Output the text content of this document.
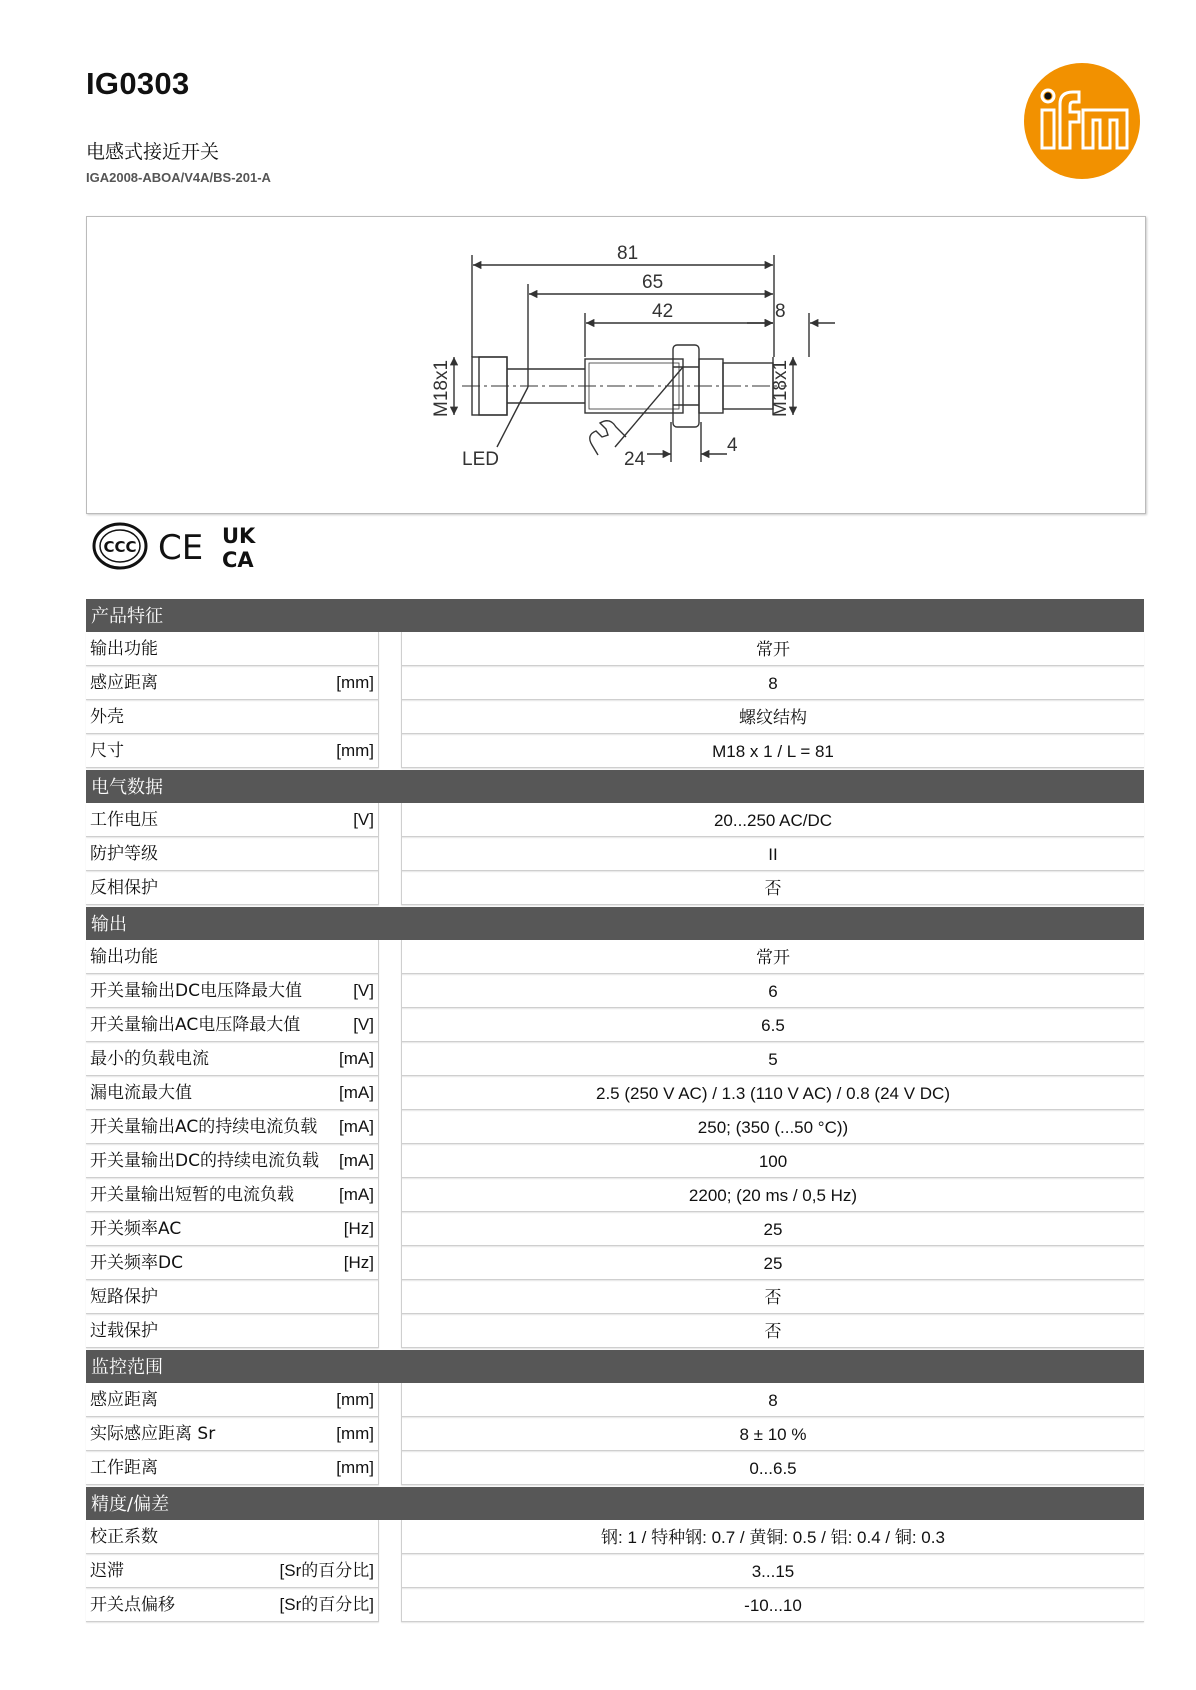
IG0303
电感式接近开关
IGA2008-ABOA/V4A/BS-201-A
81
65
42	8
LED	24
4
M18x1	M18x1
CCC CE UK
CA
产品特征
输出功能	常开
感应距离	[mm]	8
外壳	螺纹结构
尺寸	[mm]	M18 x 1 / L = 81
电气数据
工作电压	[V]	20...250 AC/DC
防护等级	II
反相保护	否
输出
输出功能	常开
开关量输出DC电压降最大值	[V]	6
开关量输出AC电压降最大值	[V]	6.5
最小的负载电流	[mA]	5
漏电流最大值	[mA]	2.5 (250 V AC) / 1.3 (110 V AC) / 0.8 (24 V DC)
开关量输出AC的持续电流负载	[mA]	250; (350 (...50 °C))
开关量输出DC的持续电流负载	[mA]	100
开关量输出短暂的电流负载	[mA]	2200; (20 ms / 0,5 Hz)
开关频率AC	[Hz]	25
开关频率DC	[Hz]	25
短路保护	否
过载保护	否
监控范围
感应距离	[mm]	8
实际感应距离 Sr	[mm]	8 ± 10 %
工作距离	[mm]	0...6.5
精度/偏差
校正系数	钢: 1 / 特种钢: 0.7 / 黄铜: 0.5 / 铝: 0.4 / 铜: 0.3
迟滞	[Sr的百分比]	3...15
开关点偏移	[Sr的百分比]	-10...10
